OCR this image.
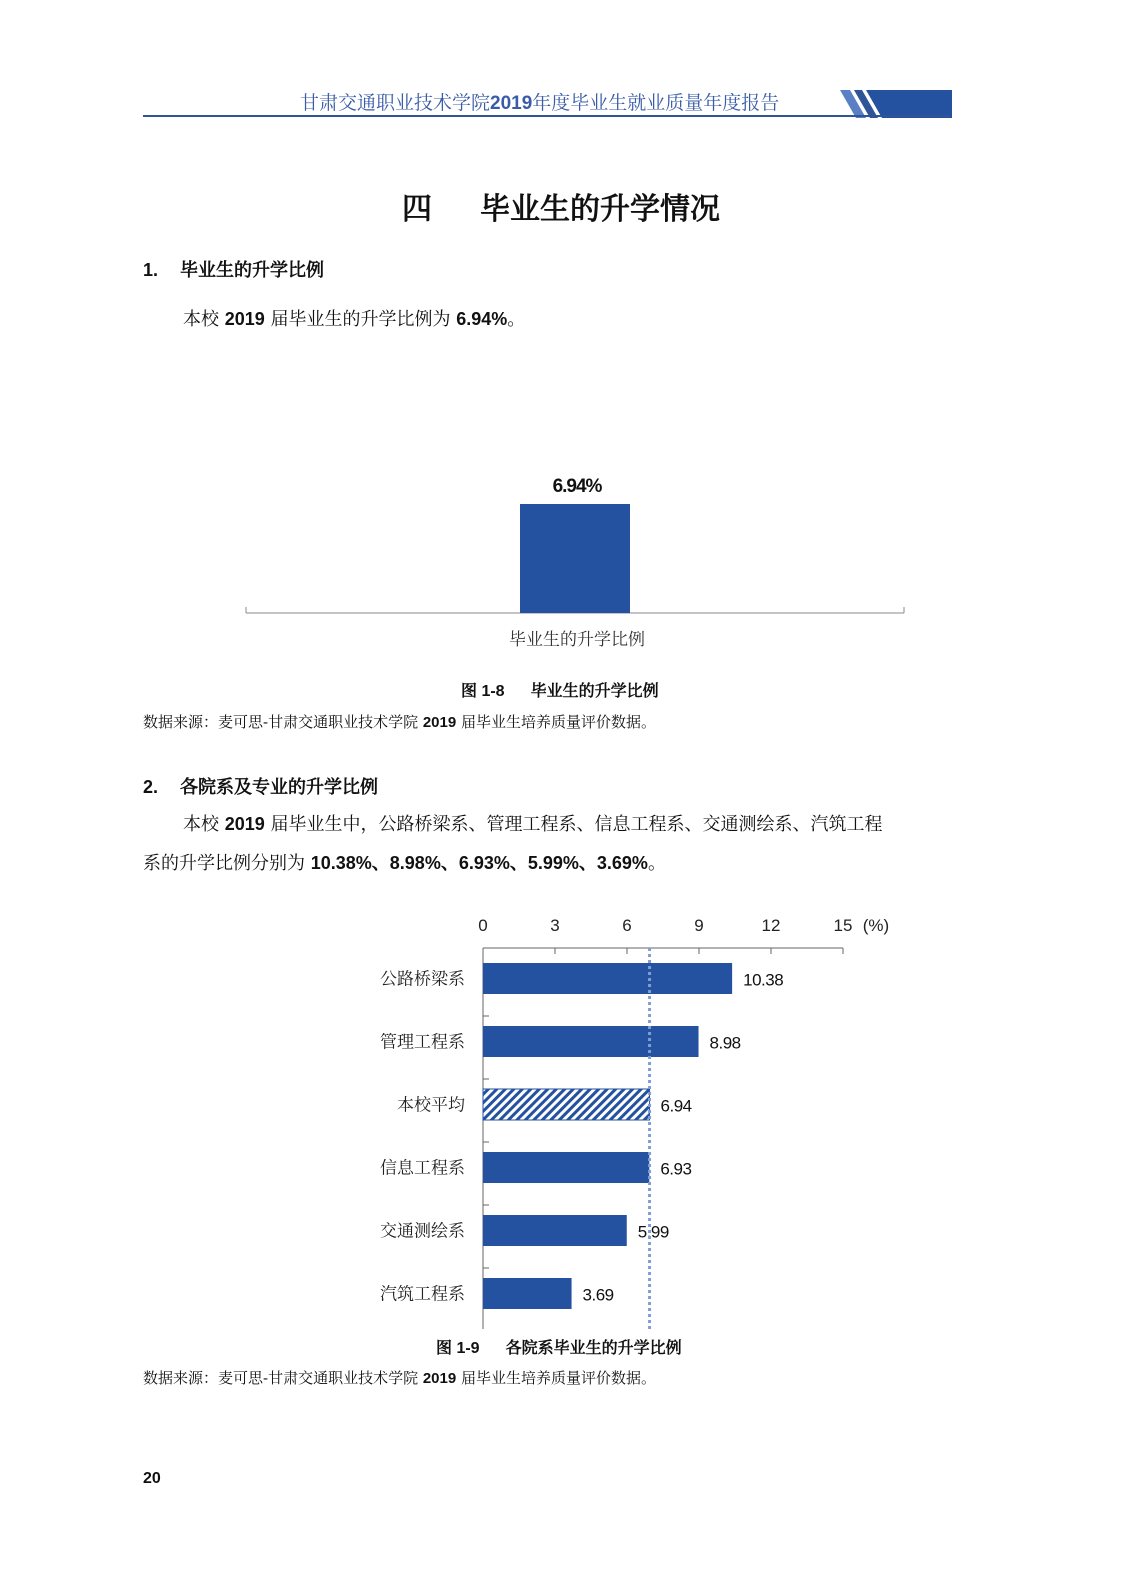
甘肃交通职业技术学院2019年度毕业生就业质量年度报告
四 毕业生的升学情况
1. 毕业生的升学比例
本校 2019 届毕业生的升学比例为 6.94%。
6.94%
毕业生的升学比例
图 1-8 毕业生的升学比例
数据来源：麦可思-甘肃交通职业技术学院 2019 届毕业生培养质量评价数据。
2. 各院系及专业的升学比例
本校 2019 届毕业生中，公路桥梁系、管理工程系、信息工程系、交通测绘系、汽筑工程
系的升学比例分别为 10.38%、8.98%、6.93%、5.99%、3.69%。
0	3	6	9	12	15 (%)
公路桥梁系	10.38
管理工程系	8.98
本校平均	6.94
信息工程系	6.93
交通测绘系	5.99
汽筑工程系	3.69
图 1-9 各院系毕业生的升学比例
数据来源：麦可思-甘肃交通职业技术学院 2019 届毕业生培养质量评价数据。
20
